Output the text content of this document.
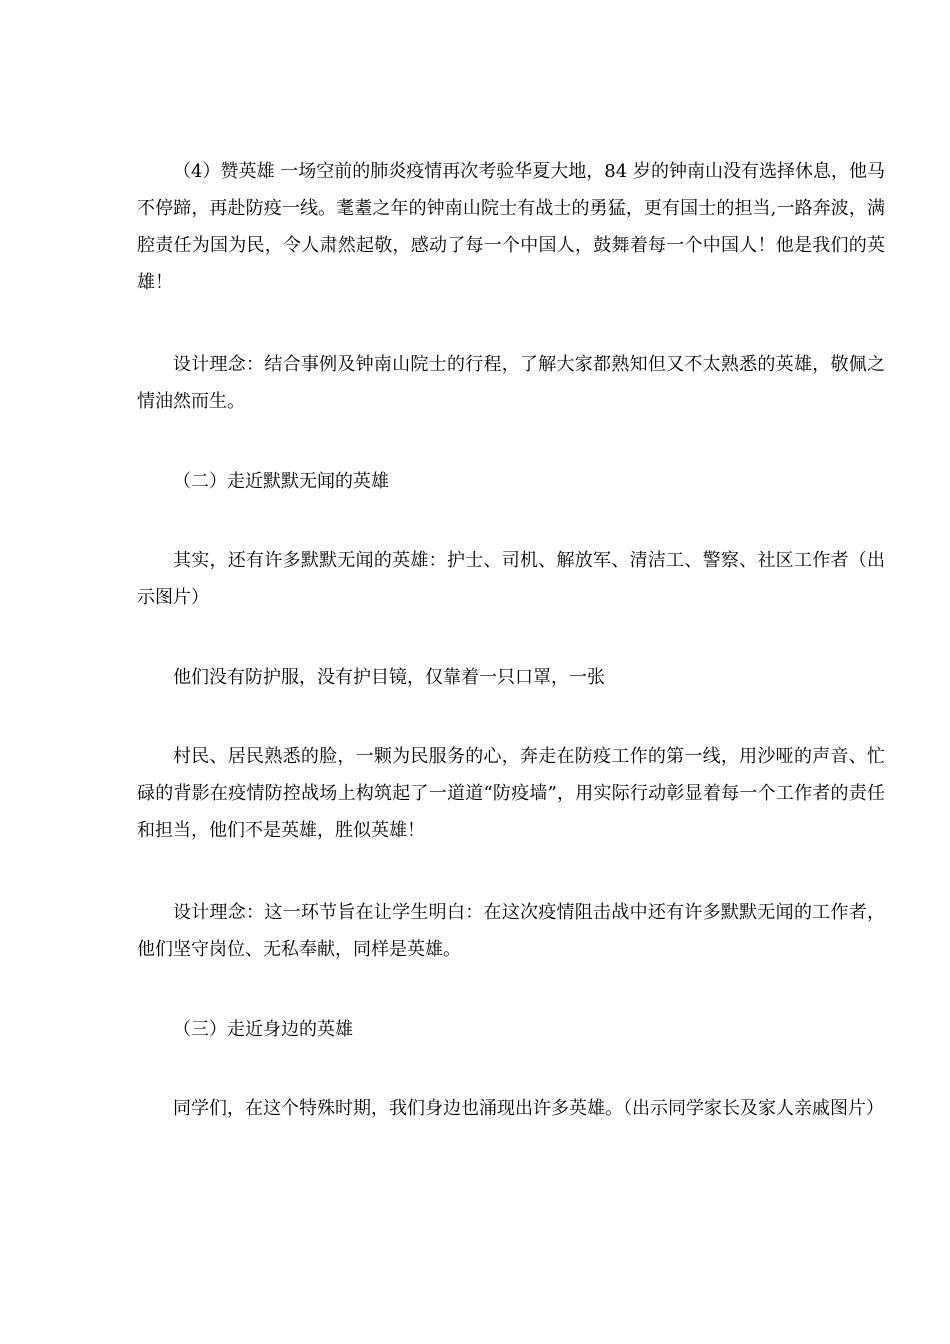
（4）赞英雄 一场空前的肺炎疫情再次考验华夏大地，84 岁的钟南山没有选择休息，他马不停蹄，再赴防疫一线。耄耋之年的钟南山院士有战士的勇猛，更有国士的担当,一路奔波，满腔责任为国为民，令人肃然起敬，感动了每一个中国人，鼓舞着每一个中国人！他是我们的英雄！

设计理念：结合事例及钟南山院士的行程，了解大家都熟知但又不太熟悉的英雄，敬佩之情油然而生。

（二）走近默默无闻的英雄

其实，还有许多默默无闻的英雄：护士、司机、解放军、清洁工、警察、社区工作者（出示图片）

他们没有防护服，没有护目镜，仅靠着一只口罩，一张

村民、居民熟悉的脸，一颗为民服务的心，奔走在防疫工作的第一线，用沙哑的声音、忙碌的背影在疫情防控战场上构筑起了一道道“防疫墙”，用实际行动彰显着每一个工作者的责任和担当，他们不是英雄，胜似英雄！

设计理念：这一环节旨在让学生明白：在这次疫情阻击战中还有许多默默无闻的工作者，他们坚守岗位、无私奉献，同样是英雄。

（三）走近身边的英雄

同学们，在这个特殊时期，我们身边也涌现出许多英雄。（出示同学家长及家人亲戚图片）
